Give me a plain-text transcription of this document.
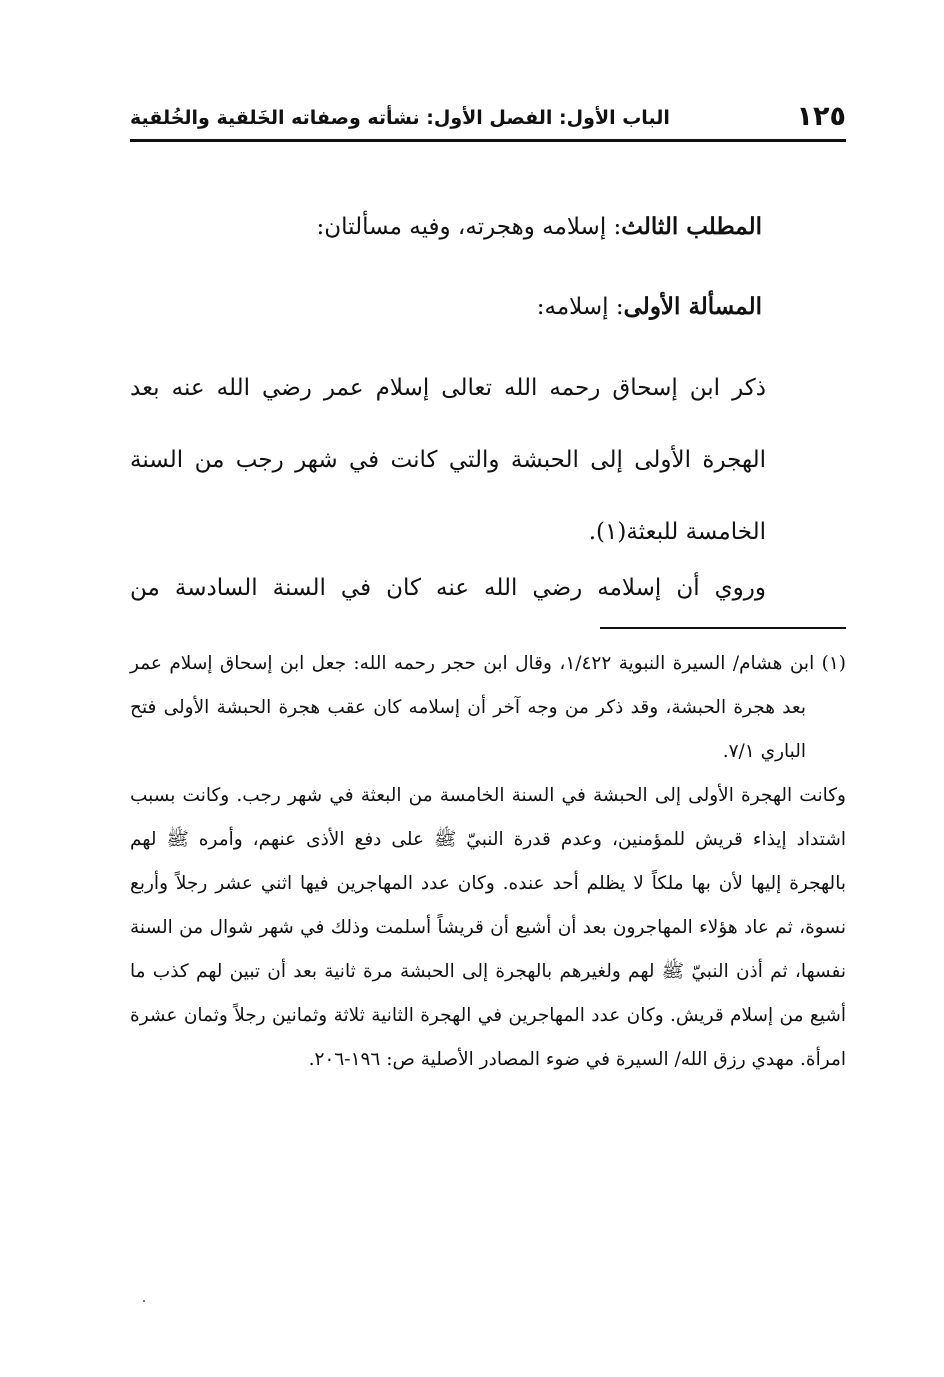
١٢٥
الباب الأول: الفصل الأول: نشأته وصفاته الخَلقية والخُلقية
المطلب الثالث: إسلامه وهجرته، وفيه مسألتان:
المسألة الأولى: إسلامه:
ذكر ابن إسحاق رحمه الله تعالى إسلام عمر رضي الله عنه بعد الهجرة الأولى إلى الحبشة والتي كانت في شهر رجب من السنة الخامسة للبعثة(١).
وروي أن إسلامه رضي الله عنه كان في السنة السادسة من

(١) ابن هشام/ السيرة النبوية ١/٤٢٢، وقال ابن حجر رحمه الله: جعل ابن إسحاق إسلام عمر بعد هجرة الحبشة، وقد ذكر من وجه آخر أن إسلامه كان عقب هجرة الحبشة الأولى فتح الباري ٧/١.

وكانت الهجرة الأولى إلى الحبشة في السنة الخامسة من البعثة في شهر رجب. وكانت بسبب اشتداد إيذاء قريش للمؤمنين، وعدم قدرة النبيّ ﷺ على دفع الأذى عنهم، وأمره ﷺ لهم بالهجرة إليها لأن بها ملكاً لا يظلم أحد عنده. وكان عدد المهاجرين فيها اثني عشر رجلاً وأربع نسوة، ثم عاد هؤلاء المهاجرون بعد أن أشيع أن قريشاً أسلمت وذلك في شهر شوال من السنة نفسها، ثم أذن النبيّ ﷺ لهم ولغيرهم بالهجرة إلى الحبشة مرة ثانية بعد أن تبين لهم كذب ما أشيع من إسلام قريش. وكان عدد المهاجرين في الهجرة الثانية ثلاثة وثمانين رجلاً وثمان عشرة امرأة. مهدي رزق الله/ السيرة في ضوء المصادر الأصلية ص: ١٩٦-٢٠٦.
